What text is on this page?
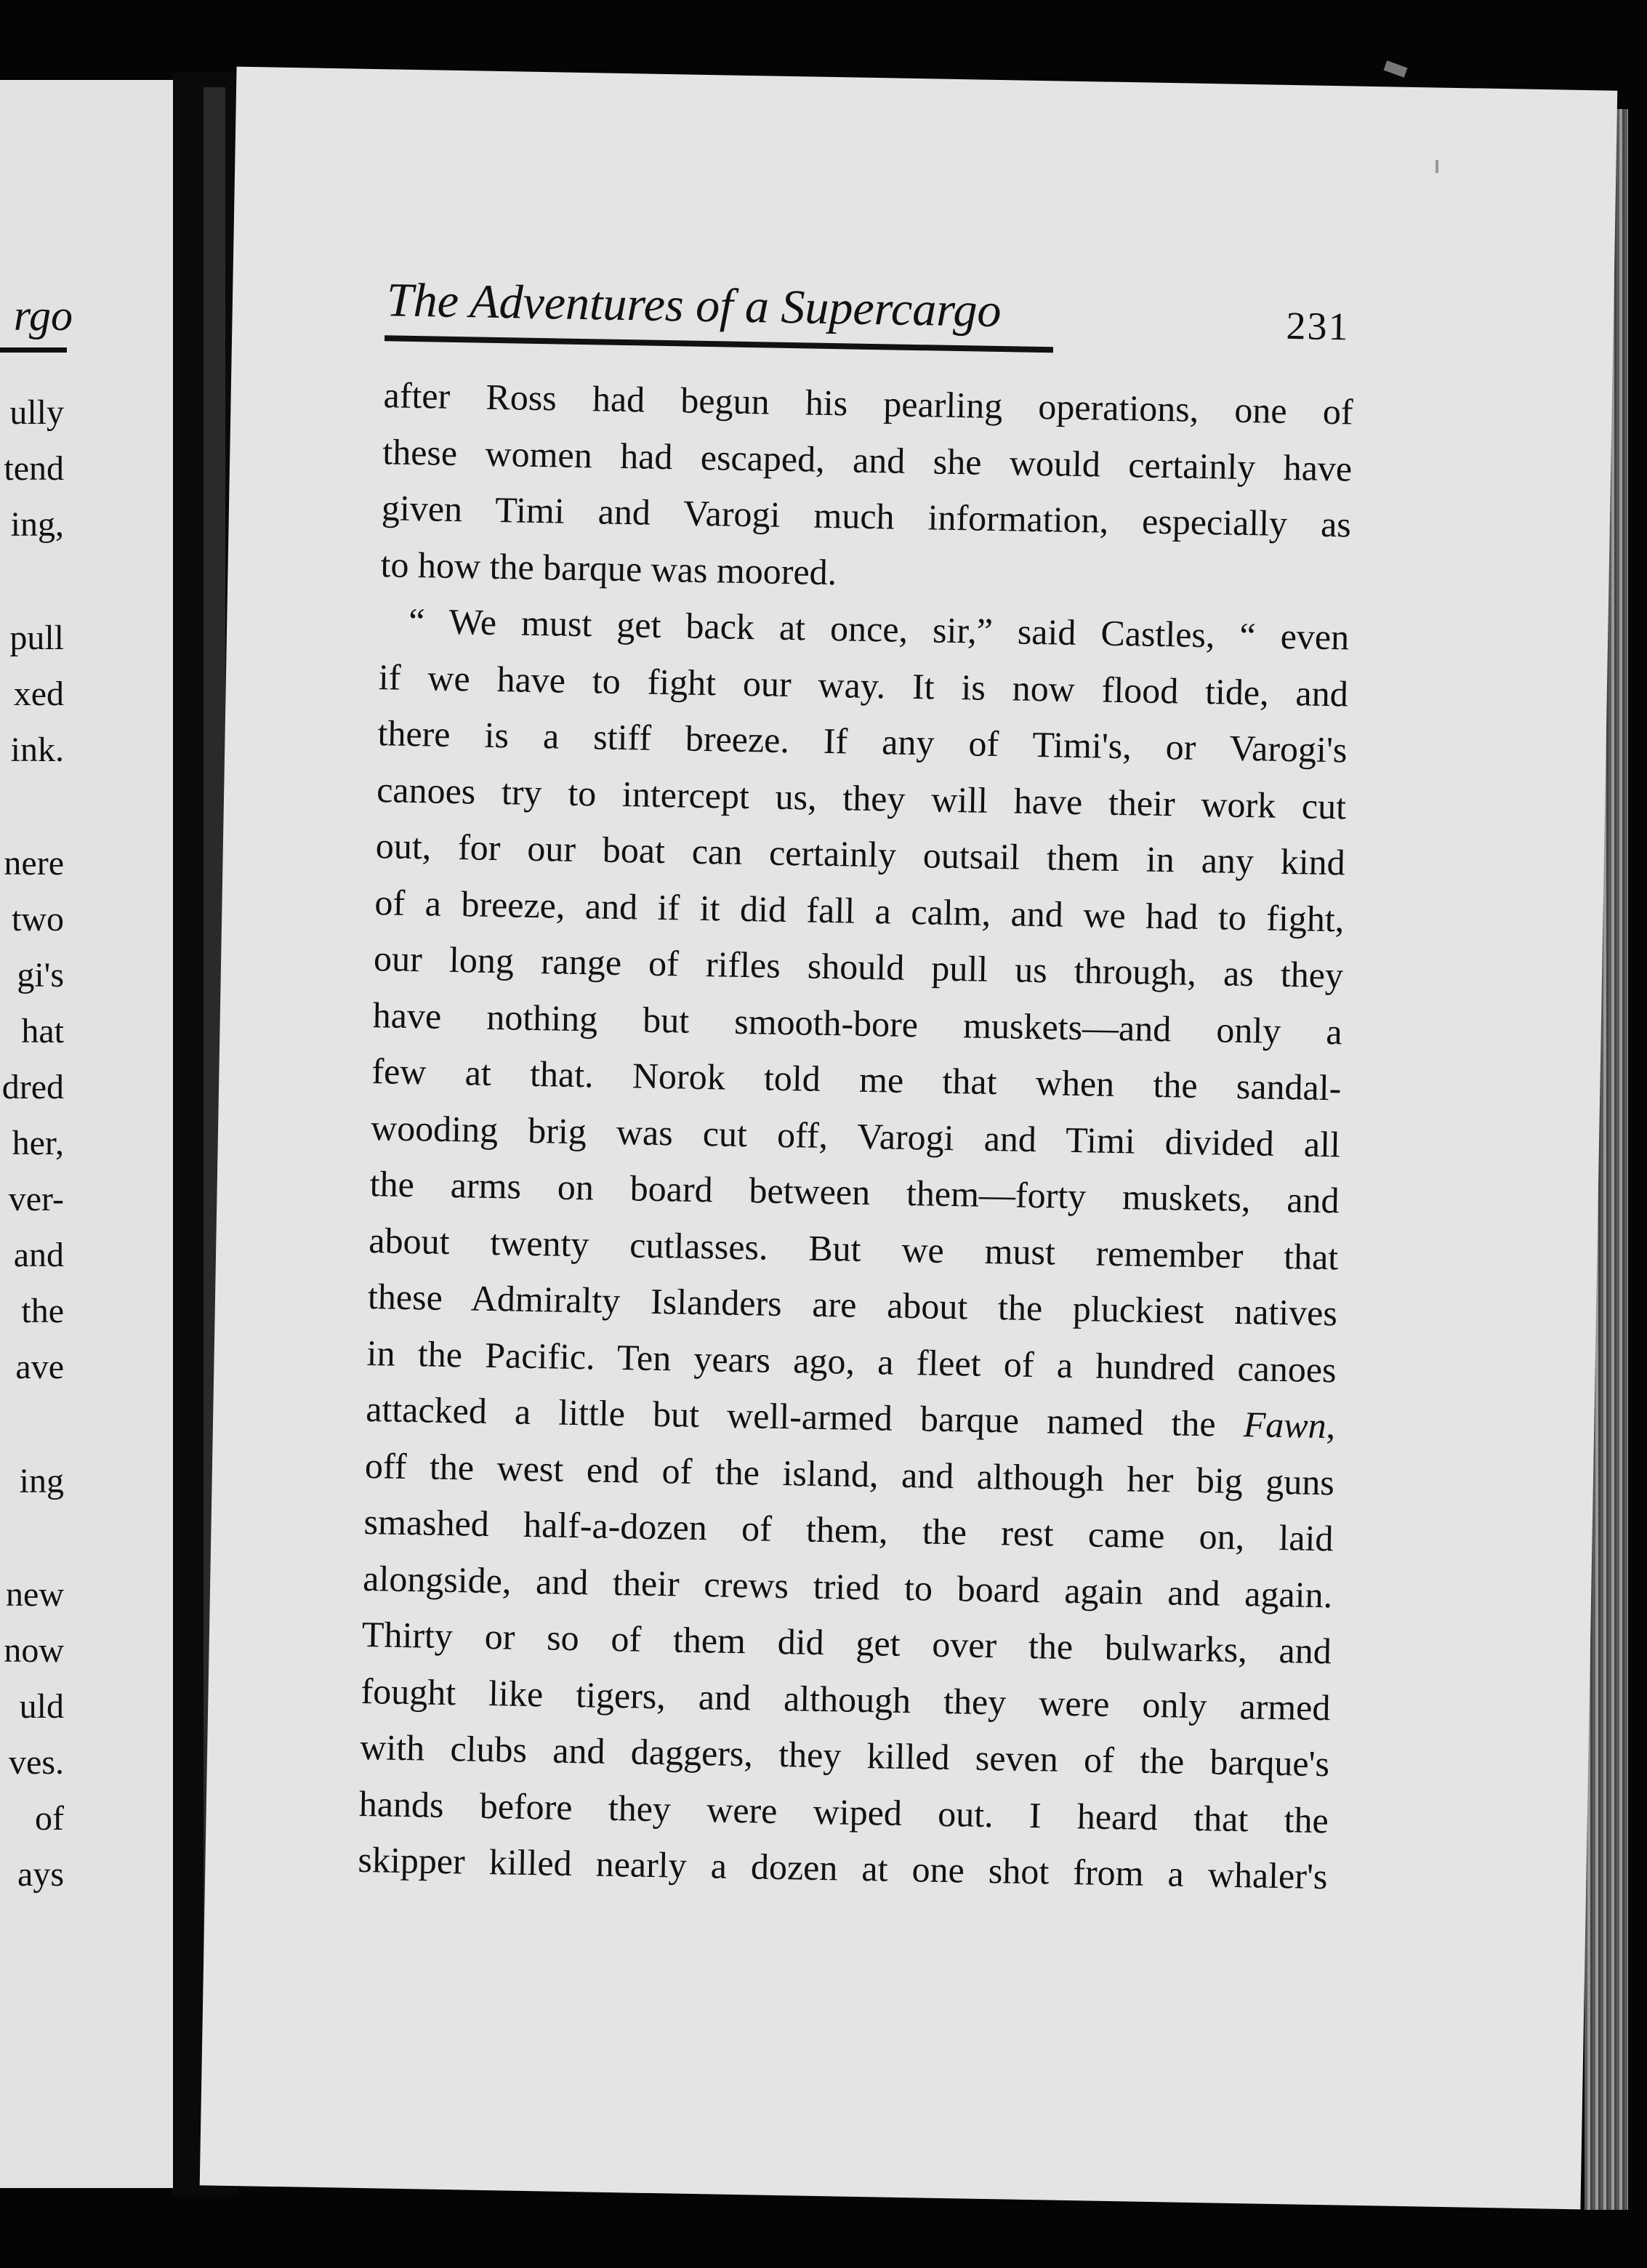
rgo
ully
tend
ing,
pull
xed
ink.
nere
two
gi's
hat
dred
her,
ver-
and
the
ave
ing
new
now
uld
ves.
of
ays
The Adventures of a Supercargo	231
after Ross had begun his pearling operations, one of
these women had escaped, and she would certainly have
given Timi and Varogi much information, especially as
to how the barque was moored.
“ We must get back at once, sir,” said Castles, “ even
if we have to fight our way. It is now flood tide, and
there is a stiff breeze. If any of Timi's, or Varogi's
canoes try to intercept us, they will have their work cut
out, for our boat can certainly outsail them in any kind
of a breeze, and if it did fall a calm, and we had to fight,
our long range of rifles should pull us through, as they
have nothing but smooth-bore muskets—and only a
few at that. Norok told me that when the sandal-
wooding brig was cut off, Varogi and Timi divided all
the arms on board between them—forty muskets, and
about twenty cutlasses. But we must remember that
these Admiralty Islanders are about the pluckiest natives
in the Pacific. Ten years ago, a fleet of a hundred canoes
attacked a little but well-armed barque named the Fawn,
off the west end of the island, and although her big guns
smashed half-a-dozen of them, the rest came on, laid
alongside, and their crews tried to board again and again.
Thirty or so of them did get over the bulwarks, and
fought like tigers, and although they were only armed
with clubs and daggers, they killed seven of the barque's
hands before they were wiped out. I heard that the
skipper killed nearly a dozen at one shot from a whaler's
